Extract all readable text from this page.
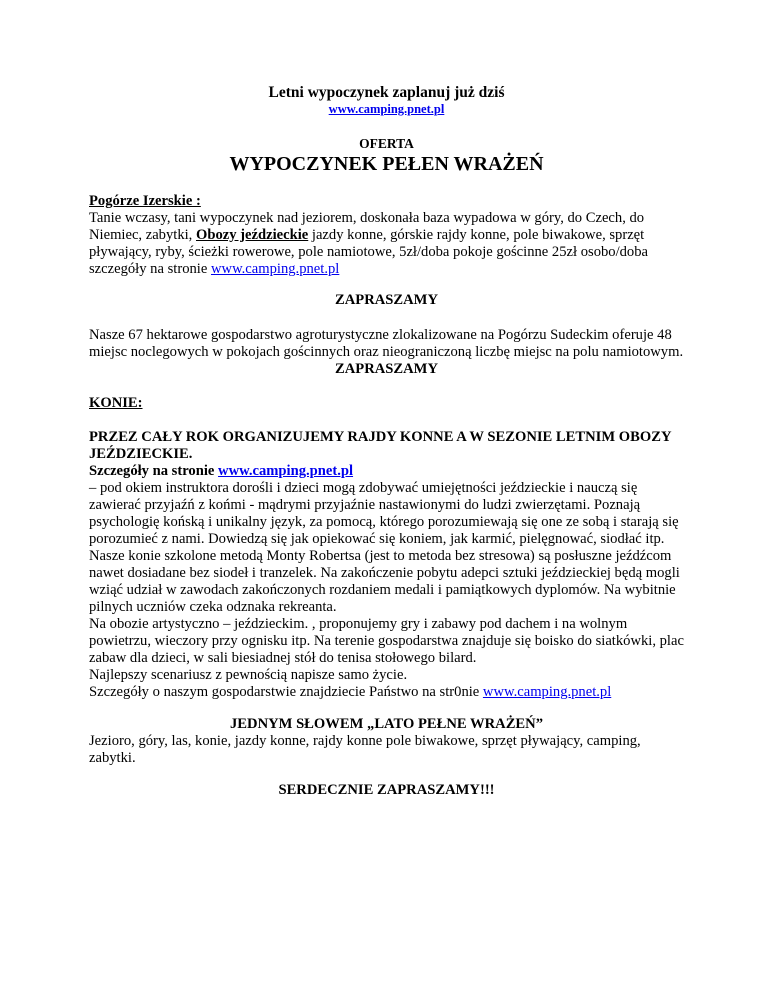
Letni wypoczynek zaplanuj już dziś
www.camping.pnet.pl
OFERTA
WYPOCZYNEK PEŁEN WRAŻEŃ

Pogórze Izerskie :

Tanie wczasy, tani wypoczynek nad jeziorem, doskonała baza wypadowa w góry, do Czech, do Niemiec, zabytki, Obozy jeździeckie jazdy konne, górskie rajdy konne, pole biwakowe, sprzęt pływający, ryby, ścieżki rowerowe, pole namiotowe, 5zł/doba pokoje gościnne 25zł osobo/doba szczegóły na stronie www.camping.pnet.pl

ZAPRASZAMY

Nasze 67 hektarowe gospodarstwo agroturystyczne zlokalizowane na Pogórzu Sudeckim oferuje 48 miejsc noclegowych w pokojach gościnnych oraz nieograniczoną liczbę miejsc na polu namiotowym.

ZAPRASZAMY

KONIE:

PRZEZ CAŁY ROK ORGANIZUJEMY RAJDY KONNE A W SEZONIE LETNIM OBOZY JEŹDZIECKIE.

Szczegóły na stronie www.camping.pnet.pl

– pod okiem instruktora dorośli i dzieci mogą zdobywać umiejętności jeździeckie i nauczą się zawierać przyjaźń z końmi - mądrymi przyjaźnie nastawionymi do ludzi zwierzętami. Poznają psychologię końską i unikalny język, za pomocą, którego porozumiewają się one ze sobą i starają się porozumieć z nami. Dowiedzą się jak opiekować się koniem, jak karmić, pielęgnować, siodłać itp.

Nasze konie szkolone metodą Monty Robertsa (jest to metoda bez stresowa) są posłuszne jeźdźcom nawet dosiadane bez siodeł i tranzelek. Na zakończenie pobytu adepci sztuki jeździeckiej będą mogli wziąć udział w zawodach zakończonych rozdaniem medali i pamiątkowych dyplomów. Na wybitnie pilnych uczniów czeka odznaka rekreanta.

Na obozie artystyczno – jeździeckim. , proponujemy gry i zabawy pod dachem i na wolnym powietrzu, wieczory przy ognisku itp. Na terenie gospodarstwa znajduje się boisko do siatkówki, plac zabaw dla dzieci, w sali biesiadnej stół do tenisa stołowego bilard.

Najlepszy scenariusz z pewnością napisze samo życie.

Szczegóły o naszym gospodarstwie znajdziecie Państwo na str0nie www.camping.pnet.pl

JEDNYM SŁOWEM „LATO PEŁNE WRAŻEŃ”

Jezioro, góry, las, konie, jazdy konne, rajdy konne pole biwakowe, sprzęt pływający, camping, zabytki.

SERDECZNIE ZAPRASZAMY!!!
